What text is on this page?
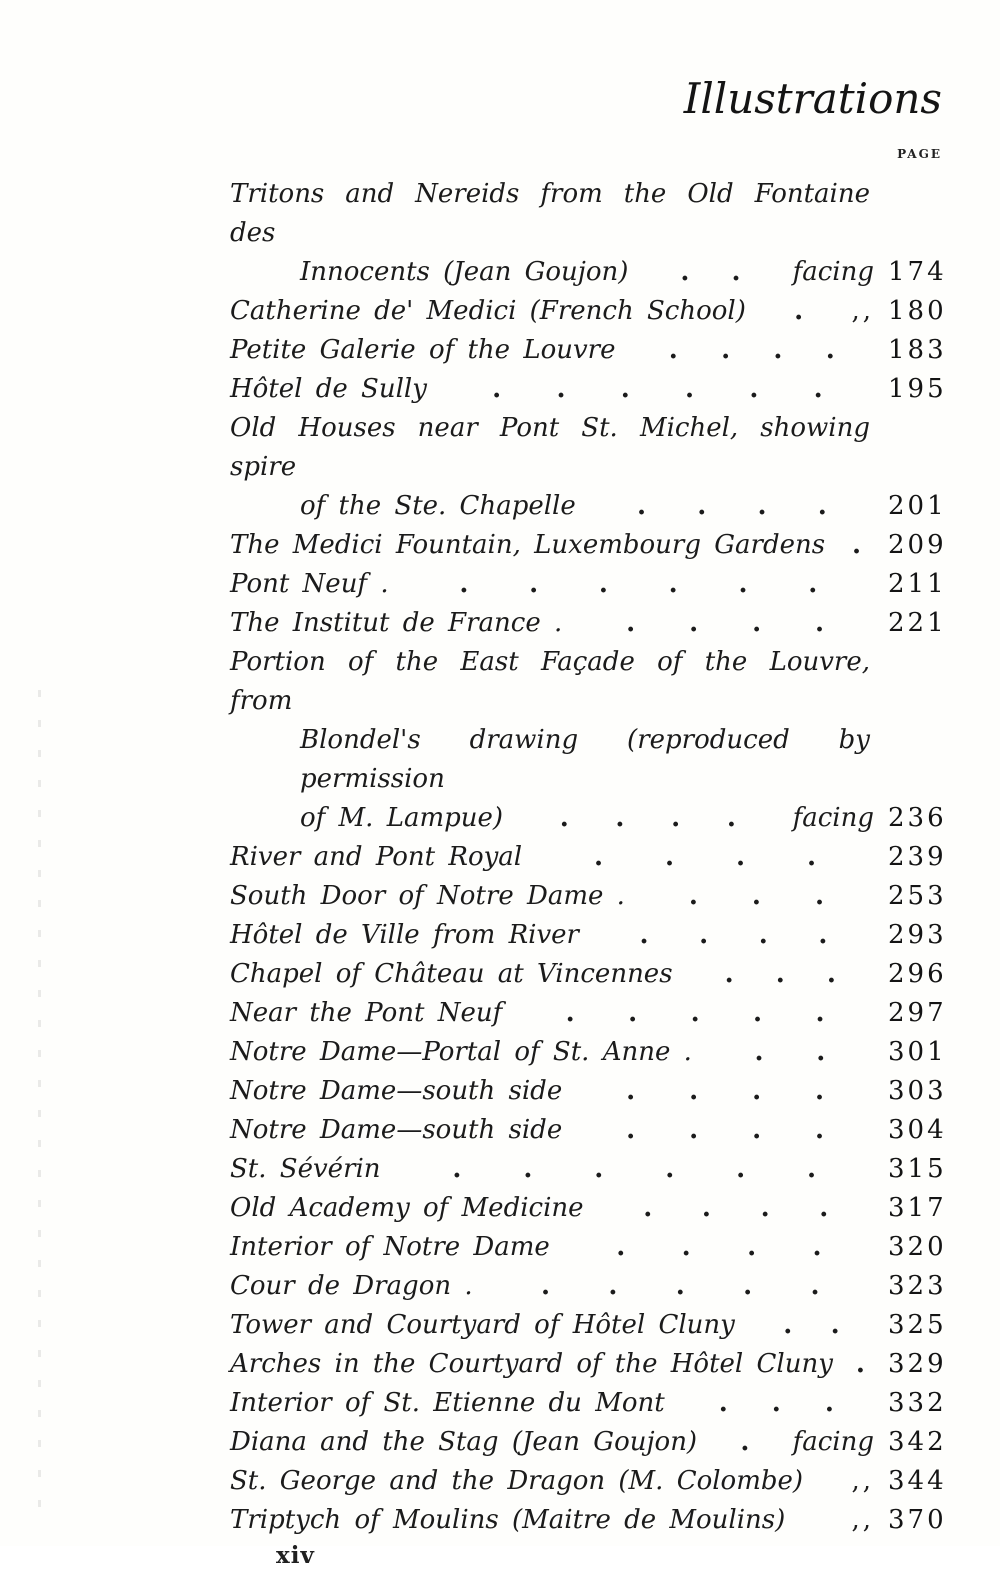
Illustrations
PAGE
Tritons and Nereids from the Old Fontaine des
Innocents (Jean Goujon) . . facing 174
Catherine de' Medici (French School) . ,, 180
Petite Galerie of the Louvre . . . . 183
Hôtel de Sully	. . . . . .	195
Old Houses near Pont St. Michel, showing spire
of the Ste. Chapelle . . . . 201
The Medici Fountain, Luxembourg Gardens . 209
Pont Neuf .	. . . . . .	211
The Institut de France . . . . . 221
Portion of the East Façade of the Louvre, from
Blondel's drawing (reproduced by permission
of M. Lampue) . . . . facing 236
River and Pont Royal	. . . .	239
South Door of Notre Dame . . . . 253
Hôtel de Ville from River . . . . 293
Chapel of Château at Vincennes . . . 296
Near the Pont Neuf . . . . . 297
Notre Dame—Portal of St. Anne . . . 301
Notre Dame—south side . . . . 303
Notre Dame—south side . . . . 304
St. Sévérin	. . . . . .	315
Old Academy of Medicine . . . . 317
Interior of Notre Dame	. . . .	320
Cour de Dragon .	. . . . .	323
Tower and Courtyard of Hôtel Cluny . . 325
Arches in the Courtyard of the Hôtel Cluny . 329
Interior of St. Etienne du Mont . . . 332
Diana and the Stag (Jean Goujon) . facing 342
St. George and the Dragon (M. Colombe) ,, 344
Triptych of Moulins (Maitre de Moulins)	,, 370
xiv
